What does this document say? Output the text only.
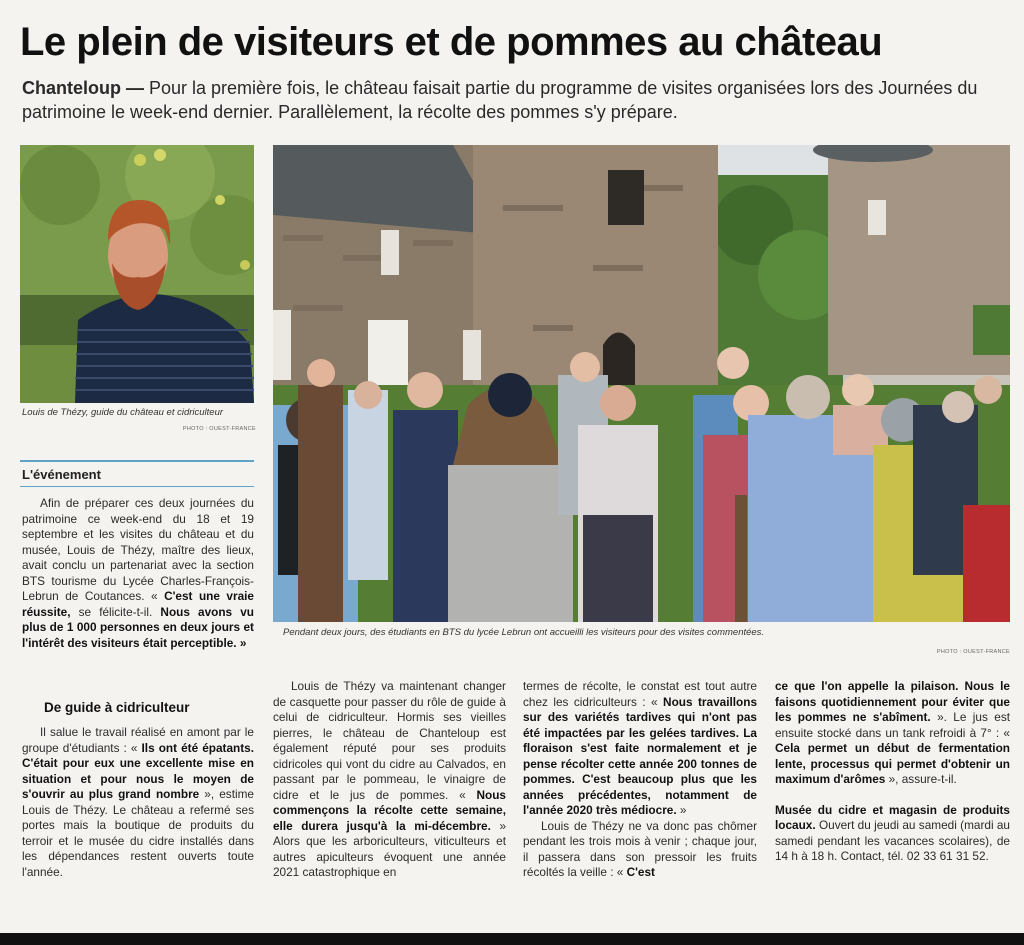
Le plein de visiteurs et de pommes au château
Chanteloup — Pour la première fois, le château faisait partie du programme de visites organisées lors des Journées du patrimoine le week-end dernier. Parallèlement, la récolte des pommes s'y prépare.
Louis de Thézy, guide du château et cidriculteur
PHOTO : OUEST-FRANCE
Pendant deux jours, des étudiants en BTS du lycée Lebrun ont accueilli les visiteurs pour des visites commentées.
PHOTO : OUEST-FRANCE
L'événement

Afin de préparer ces deux journées du patrimoine ce week-end du 18 et 19 septembre et les visites du château et du musée, Louis de Thézy, maître des lieux, avait conclu un partenariat avec la section BTS tourisme du Lycée Charles-François-Lebrun de Coutances. « C'est une vraie réussite, se félicite-t-il. Nous avons vu plus de 1 000 personnes en deux jours et l'intérêt des visiteurs était perceptible. »

De guide à cidriculteur

Il salue le travail réalisé en amont par le groupe d'étudiants : « Ils ont été épatants. C'était pour eux une excellente mise en situation et pour nous le moyen de s'ouvrir au plus grand nombre », estime Louis de Thézy. Le château a refermé ses portes mais la boutique de produits du terroir et le musée du cidre installés dans les dépendances restent ouverts toute l'année.

Louis de Thézy va maintenant changer de casquette pour passer du rôle de guide à celui de cidriculteur. Hormis ses vieilles pierres, le château de Chanteloup est également réputé pour ses produits cidricoles qui vont du cidre au Calvados, en passant par le pommeau, le vinaigre de cidre et le jus de pommes. « Nous commençons la récolte cette semaine, elle durera jusqu'à la mi-décembre. » Alors que les arboriculteurs, viticulteurs et autres apiculteurs évoquent une année 2021 catastrophique en

termes de récolte, le constat est tout autre chez les cidriculteurs : « Nous travaillons sur des variétés tardives qui n'ont pas été impactées par les gelées tardives. La floraison s'est faite normalement et je pense récolter cette année 200 tonnes de pommes. C'est beaucoup plus que les années précédentes, notamment de l'année 2020 très médiocre. »

Louis de Thézy ne va donc pas chômer pendant les trois mois à venir ; chaque jour, il passera dans son pressoir les fruits récoltés la veille : « C'est

ce que l'on appelle la pilaison. Nous le faisons quotidiennement pour éviter que les pommes ne s'abîment. ». Le jus est ensuite stocké dans un tank refroidi à 7° : « Cela permet un début de fermentation lente, processus qui permet d'obtenir un maximum d'arômes », assure-t-il.

Musée du cidre et magasin de produits locaux. Ouvert du jeudi au samedi (mardi au samedi pendant les vacances scolaires), de 14 h à 18 h. Contact, tél. 02 33 61 31 52.
